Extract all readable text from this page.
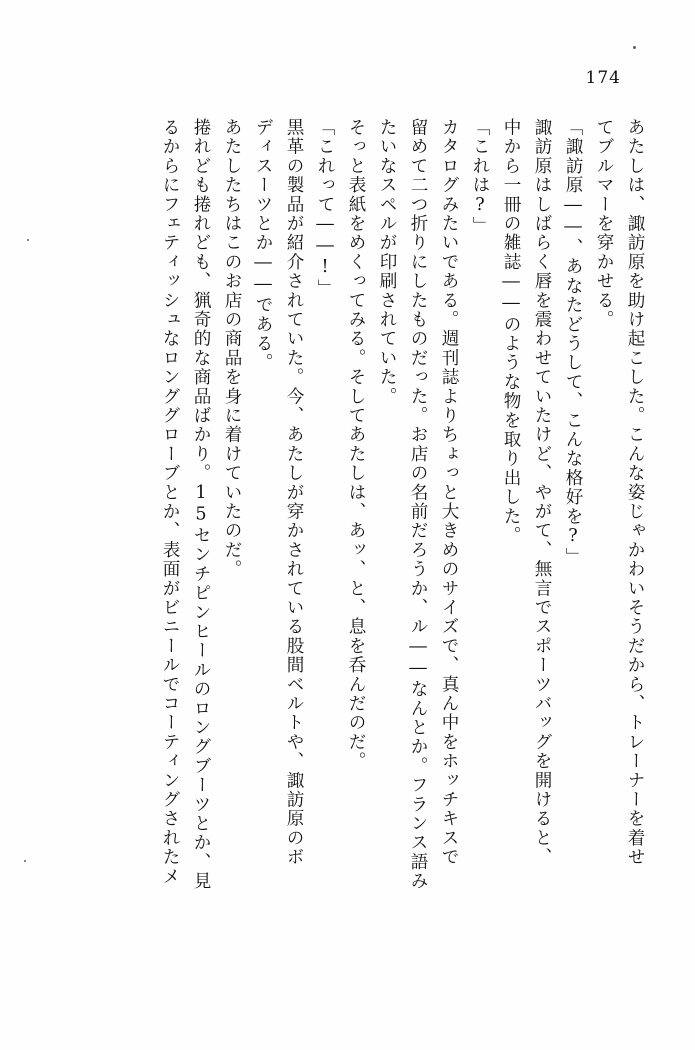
174
あたしは、諏訪原を助け起こした。こんな姿じゃかわいそうだから、トレーナーを着せ
てブルマーを穿かせる。
「諏訪原――、あなたどうして、こんな格好を?」
諏訪原はしばらく唇を震わせていたけど、やがて、無言でスポーツバッグを開けると、
中から一冊の雑誌――のような物を取り出した。
「これは?」
カタログみたいである。週刊誌よりちょっと大きめのサイズで、真ん中をホッチキスで
留めて二つ折りにしたものだった。お店の名前だろうか、ル――なんとか。フランス語み
たいなスペルが印刷されていた。
そっと表紙をめくってみる。そしてあたしは、あッ、と、息を呑んだのだ。
「これって――!」
黒革の製品が紹介されていた。今、あたしが穿かされている股間ベルトや、諏訪原のボ
ディスーツとか――である。
あたしたちはこのお店の商品を身に着けていたのだ。
捲れども捲れども、猟奇的な商品ばかり。15センチピンヒールのロングブーツとか、見
るからにフェティッシュなロンググローブとか、表面がビニールでコーティングされたメ
